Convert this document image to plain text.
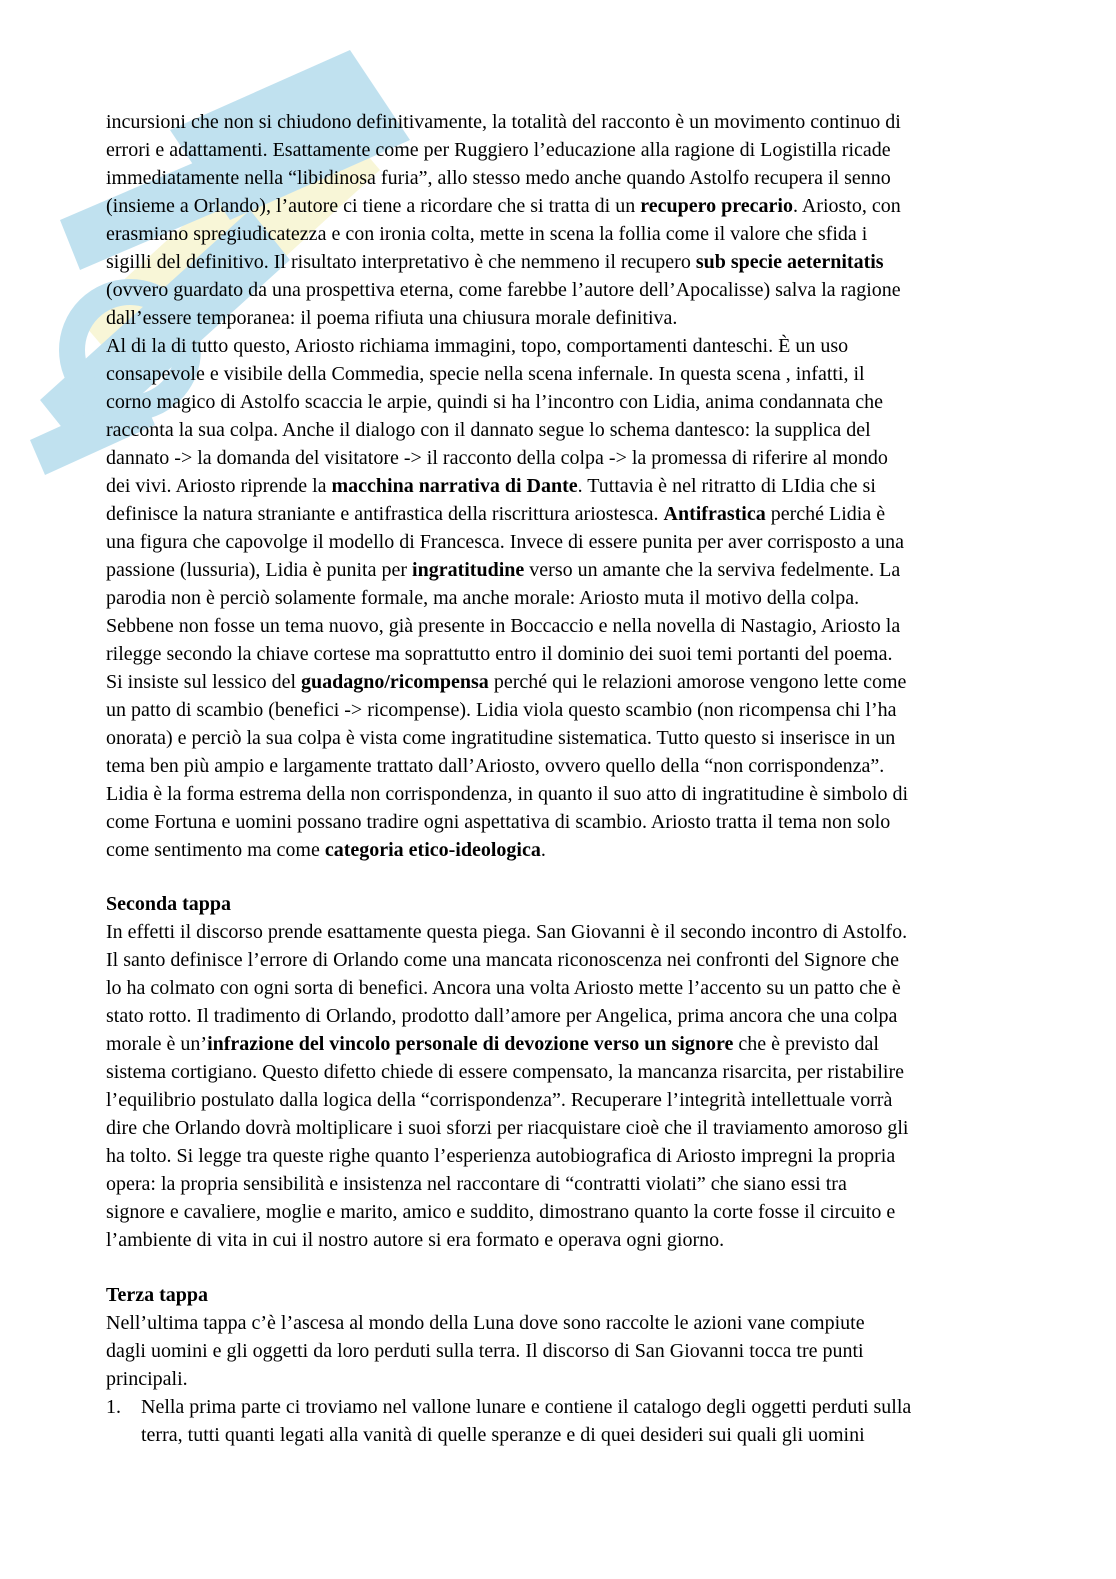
incursioni che non si chiudono definitivamente, la totalità del racconto è un movimento continuo di
errori e adattamenti. Esattamente come per Ruggiero l’educazione alla ragione di Logistilla ricade
immediatamente nella “libidinosa furia”, allo stesso medo anche quando Astolfo recupera il senno
(insieme a Orlando), l’autore ci tiene a ricordare che si tratta di un recupero precario. Ariosto, con
erasmiano spregiudicatezza e con ironia colta, mette in scena la follia come il valore che sfida i
sigilli del definitivo. Il risultato interpretativo è che nemmeno il recupero sub specie aeternitatis
(ovvero guardato da una prospettiva eterna, come farebbe l’autore dell’Apocalisse) salva la ragione
dall’essere temporanea: il poema rifiuta una chiusura morale definitiva.
Al di la di tutto questo, Ariosto richiama immagini, topo, comportamenti danteschi. È un uso
consapevole e visibile della Commedia, specie nella scena infernale. In questa scena , infatti, il
corno magico di Astolfo scaccia le arpie, quindi si ha l’incontro con Lidia, anima condannata che
racconta la sua colpa. Anche il dialogo con il dannato segue lo schema dantesco: la supplica del
dannato -> la domanda del visitatore -> il racconto della colpa -> la promessa di riferire al mondo
dei vivi. Ariosto riprende la macchina narrativa di Dante. Tuttavia è nel ritratto di LIdia che si
definisce la natura straniante e antifrastica della riscrittura ariostesca. Antifrastica perché Lidia è
una figura che capovolge il modello di Francesca. Invece di essere punita per aver corrisposto a una
passione (lussuria), Lidia è punita per ingratitudine verso un amante che la serviva fedelmente. La
parodia non è perciò solamente formale, ma anche morale: Ariosto muta il motivo della colpa.
Sebbene non fosse un tema nuovo, già presente in Boccaccio e nella novella di Nastagio, Ariosto la
rilegge secondo la chiave cortese ma soprattutto entro il dominio dei suoi temi portanti del poema.
Si insiste sul lessico del guadagno/ricompensa perché qui le relazioni amorose vengono lette come
un patto di scambio (benefici -> ricompense). Lidia viola questo scambio (non ricompensa chi l’ha
onorata) e perciò la sua colpa è vista come ingratitudine sistematica. Tutto questo si inserisce in un
tema ben più ampio e largamente trattato dall’Ariosto, ovvero quello della “non corrispondenza”.
Lidia è la forma estrema della non corrispondenza, in quanto il suo atto di ingratitudine è simbolo di
come Fortuna e uomini possano tradire ogni aspettativa di scambio. Ariosto tratta il tema non solo
come sentimento ma come categoria etico-ideologica.
Seconda tappa
In effetti il discorso prende esattamente questa piega. San Giovanni è il secondo incontro di Astolfo.
Il santo definisce l’errore di Orlando come una mancata riconoscenza nei confronti del Signore che
lo ha colmato con ogni sorta di benefici. Ancora una volta Ariosto mette l’accento su un patto che è
stato rotto. Il tradimento di Orlando, prodotto dall’amore per Angelica, prima ancora che una colpa
morale è un’infrazione del vincolo personale di devozione verso un signore che è previsto dal
sistema cortigiano. Questo difetto chiede di essere compensato, la mancanza risarcita, per ristabilire
l’equilibrio postulato dalla logica della “corrispondenza”. Recuperare l’integrità intellettuale vorrà
dire che Orlando dovrà moltiplicare i suoi sforzi per riacquistare cioè che il traviamento amoroso gli
ha tolto. Si legge tra queste righe quanto l’esperienza autobiografica di Ariosto impregni la propria
opera: la propria sensibilità e insistenza nel raccontare di “contratti violati” che siano essi tra
signore e cavaliere, moglie e marito, amico e suddito, dimostrano quanto la corte fosse il circuito e
l’ambiente di vita in cui il nostro autore si era formato e operava ogni giorno.
Terza tappa
Nell’ultima tappa c’è l’ascesa al mondo della Luna dove sono raccolte le azioni vane compiute
dagli uomini e gli oggetti da loro perduti sulla terra. Il discorso di San Giovanni tocca tre punti
principali.
Nella prima parte ci troviamo nel vallone lunare e contiene il catalogo degli oggetti perduti sulla
terra, tutti quanti legati alla vanità di quelle speranze e di quei desideri sui quali gli uomini
1.
